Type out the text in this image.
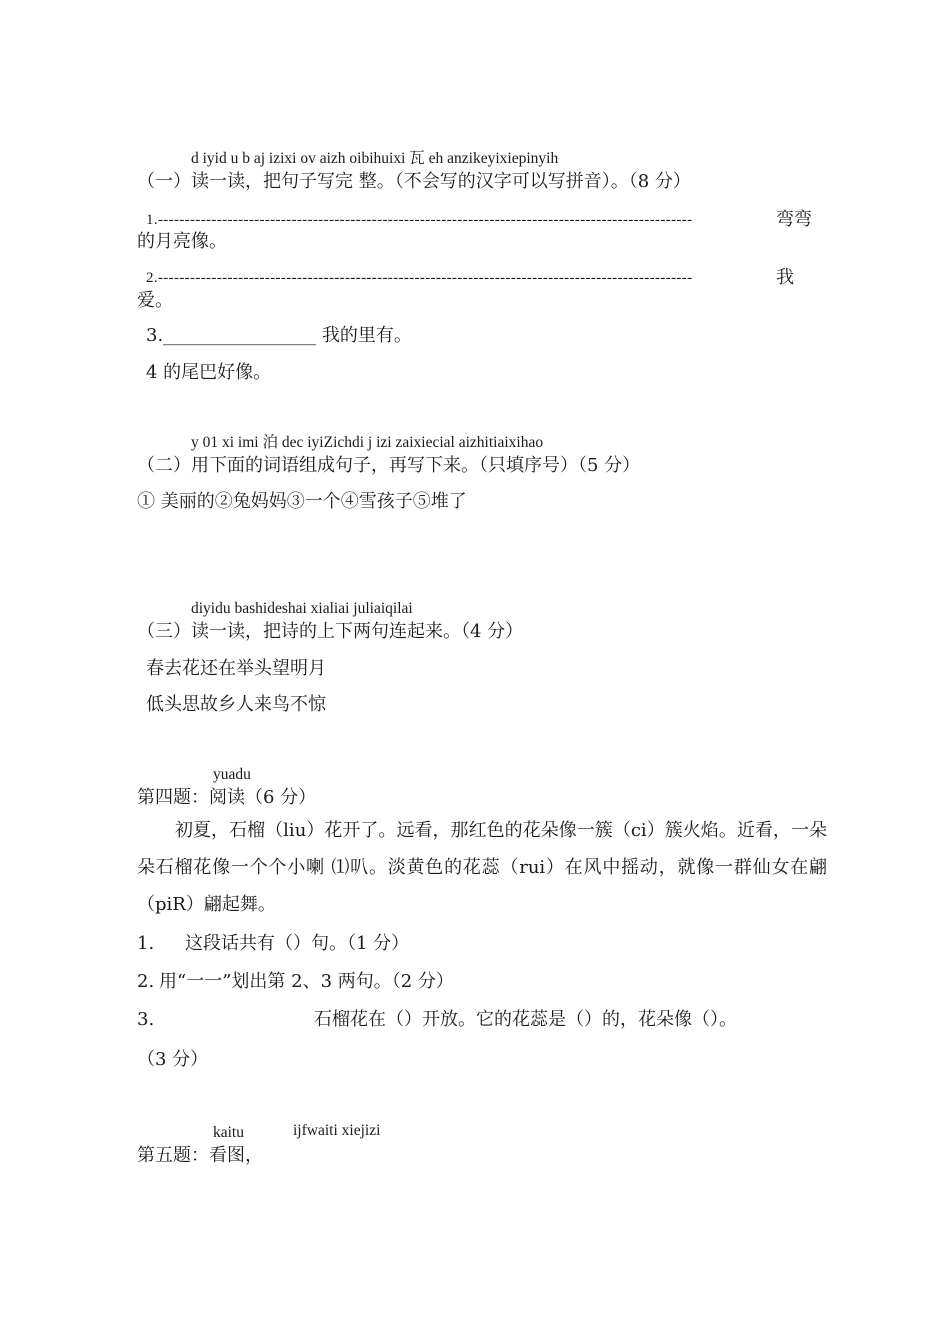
d iyid u b aj izixi ov aizh oibihuixi 瓦 eh anzikeyixiepinyih
（一）读一读，把句子写完 整。（不会写的汉字可以写拼音）。（8 分）
1.----------------------------------------------------------------------------------------------------	弯弯
的月亮像。
2.----------------------------------------------------------------------------------------------------	我
爱。
3._________________ 我的里有。
4 的尾巴好像。
y 01 xi imi 泊 dec iyiZichdi j izi zaixiecial aizhitiaixihao
（二）用下面的词语组成句子，再写下来。（只填序号）（5 分）
① 美丽的②兔妈妈③一个④雪孩子⑤堆了
diyidu bashideshai xialiai juliaiqilai
（三）读一读，把诗的上下两句连起来。（4 分）
春去花还在举头望明月
低头思故乡人来鸟不惊
yuadu
第四题：阅读（6 分）
初夏，石榴（liu）花开了。远看，那红色的花朵像一簇（ci）簇火焰。近看，一朵朵石榴花像一个个小喇 ⑴叭。淡黄色的花蕊（rui）在风中摇动，就像一群仙女在翩（piR）翩起舞。
1. 这段话共有（）句。（1 分）
2. 用“一一”划出第 2、3 两句。（2 分）
3.	石榴花在（）开放。它的花蕊是（）的，花朵像（）。
（3 分）
kaitu	ijfwaiti xiejizi
第五题：看图，
